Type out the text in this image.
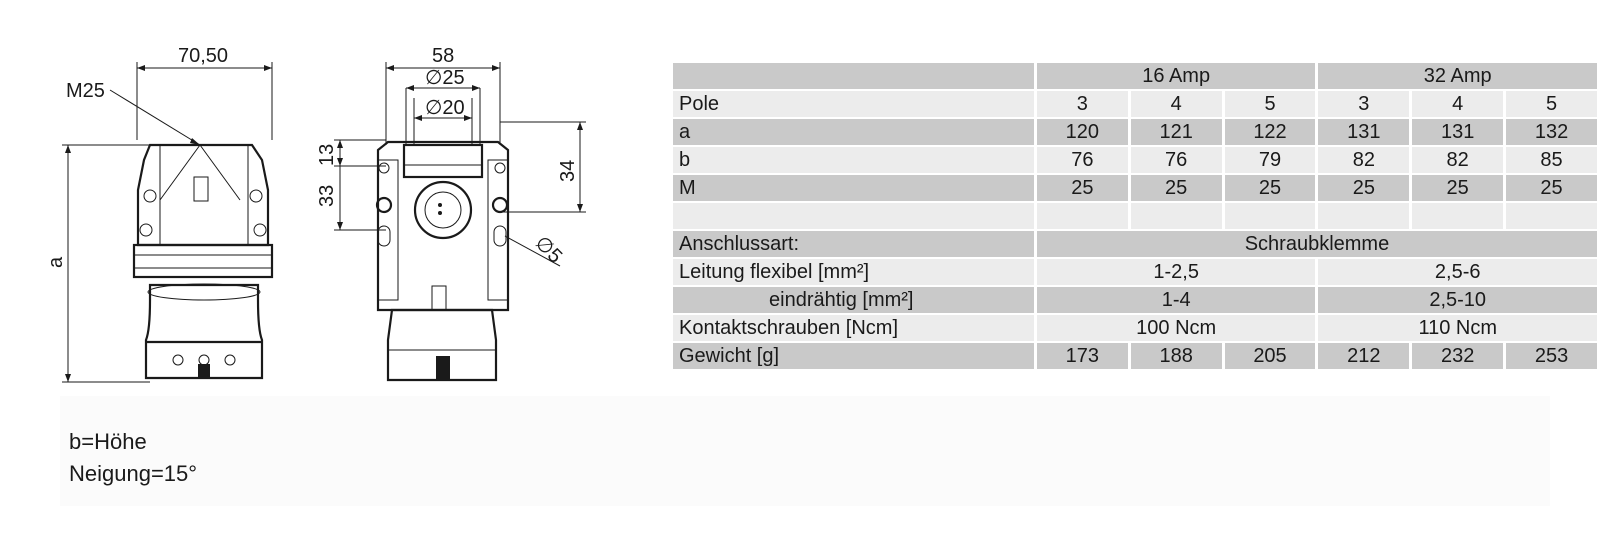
70,50
M25
a
58
∅25
∅20
13
33
34
∅5
	16 Amp			32 Amp		
Pole	3	4	5	3	4	5
a	120	121	122	131	131	132
b	76	76	79	82	82	85
M	25	25	25	25	25	25

Anschlussart:	Schraubklemme					
Leitung flexibel [mm²]	1-2,5			2,5-6		
eindrähtig [mm²]	1-4			2,5-10		
Kontaktschrauben [Ncm]	100 Ncm			110 Ncm		
Gewicht [g]	173	188	205	212	232	253
b=Höhe
Neigung=15°
